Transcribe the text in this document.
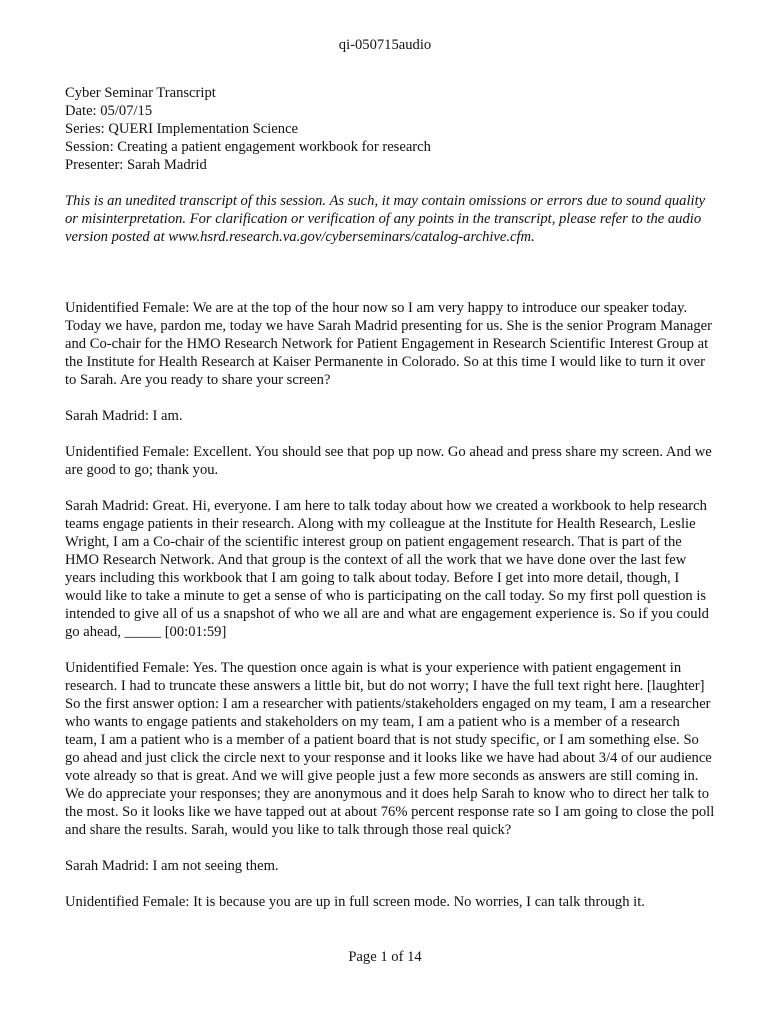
qi-050715audio
Cyber Seminar Transcript
Date: 05/07/15
Series: QUERI Implementation Science
Session: Creating a patient engagement workbook for research
Presenter: Sarah Madrid

This is an unedited transcript of this session. As such, it may contain omissions or errors due to sound quality or misinterpretation. For clarification or verification of any points in the transcript, please refer to the audio version posted at www.hsrd.research.va.gov/cyberseminars/catalog-archive.cfm.

Unidentified Female: We are at the top of the hour now so I am very happy to introduce our speaker today. Today we have, pardon me, today we have Sarah Madrid presenting for us. She is the senior Program Manager and Co-chair for the HMO Research Network for Patient Engagement in Research Scientific Interest Group at the Institute for Health Research at Kaiser Permanente in Colorado. So at this time I would like to turn it over to Sarah. Are you ready to share your screen?

Sarah Madrid: I am.

Unidentified Female: Excellent. You should see that pop up now. Go ahead and press share my screen. And we are good to go; thank you.

Sarah Madrid: Great. Hi, everyone. I am here to talk today about how we created a workbook to help research teams engage patients in their research. Along with my colleague at the Institute for Health Research, Leslie Wright, I am a Co-chair of the scientific interest group on patient engagement research. That is part of the HMO Research Network. And that group is the context of all the work that we have done over the last few years including this workbook that I am going to talk about today. Before I get into more detail, though, I would like to take a minute to get a sense of who is participating on the call today. So my first poll question is intended to give all of us a snapshot of who we all are and what are engagement experience is. So if you could go ahead, _____ [00:01:59]

Unidentified Female: Yes. The question once again is what is your experience with patient engagement in research. I had to truncate these answers a little bit, but do not worry; I have the full text right here. [laughter] So the first answer option: I am a researcher with patients/stakeholders engaged on my team, I am a researcher who wants to engage patients and stakeholders on my team, I am a patient who is a member of a research team, I am a patient who is a member of a patient board that is not study specific, or I am something else. So go ahead and just click the circle next to your response and it looks like we have had about 3/4 of our audience vote already so that is great. And we will give people just a few more seconds as answers are still coming in. We do appreciate your responses; they are anonymous and it does help Sarah to know who to direct her talk to the most. So it looks like we have tapped out at about 76% percent response rate so I am going to close the poll and share the results. Sarah, would you like to talk through those real quick?

Sarah Madrid: I am not seeing them.

Unidentified Female: It is because you are up in full screen mode. No worries, I can talk through it.

Page 1 of 14
